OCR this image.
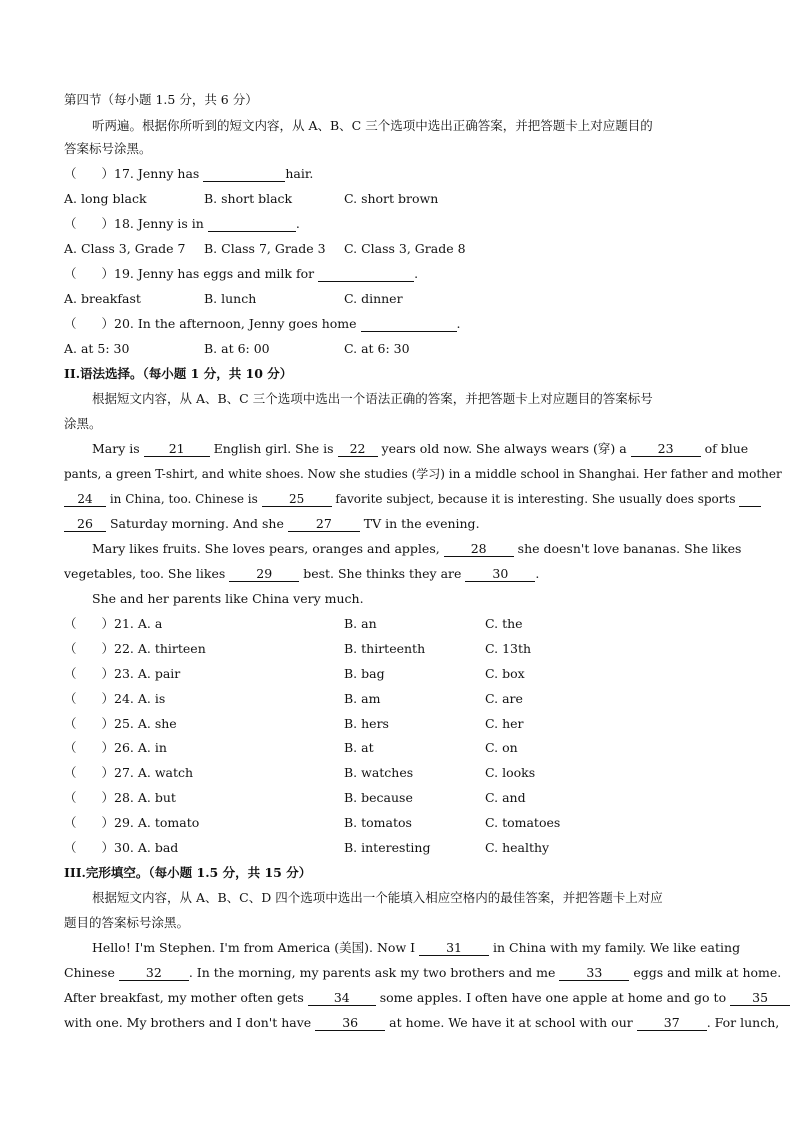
第四节（每小题 1.5 分，共 6 分）
听两遍。根据你所听到的短文内容，从 A、B、C 三个选项中选出正确答案，并把答题卡上对应题目的
答案标号涂黑。
（　　）17. Jenny has	hair.
A. long black	B. short black	C. short brown
（　　）18. Jenny is in	.
A. Class 3, Grade 7 B. Class 7, Grade 3 C. Class 3, Grade 8
（　　）19. Jenny has eggs and milk for	.
A. breakfast	B. lunch	C. dinner
（　　）20. In the afternoon, Jenny goes home	.
A. at 5: 30	B. at 6: 00	C. at 6: 30
II.语法选择。（每小题 1 分，共 10 分）
根据短文内容，从 A、B、C 三个选项中选出一个语法正确的答案，并把答题卡上对应题目的答案标号
涂黑。
Mary is 21 English girl. She is 22 years old now. She always wears (穿) a 23 of blue
pants, a green T-shirt, and white shoes. Now she studies (学习) in a middle school in Shanghai. Her father and mother
24 in China, too. Chinese is 25 favorite subject, because it is interesting. She usually does sports
26 Saturday morning. And she 27 TV in the evening.
Mary likes fruits. She loves pears, oranges and apples, 28 she doesn't love bananas. She likes
vegetables, too. She likes 29 best. She thinks they are 30 .
She and her parents like China very much.
（　　）21. A. a	B. an	C. the
（　　）22. A. thirteen	B. thirteenth	C. 13th
（　　）23. A. pair	B. bag	C. box
（　　）24. A. is	B. am	C. are
（　　）25. A. she	B. hers	C. her
（　　）26. A. in	B. at	C. on
（　　）27. A. watch	B. watches	C. looks
（　　）28. A. but	B. because	C. and
（　　）29. A. tomato	B. tomatos	C. tomatoes
（　　）30. A. bad	B. interesting	C. healthy
III.完形填空。（每小题 1.5 分，共 15 分）
根据短文内容，从 A、B、C、D 四个选项中选出一个能填入相应空格内的最佳答案，并把答题卡上对应
题目的答案标号涂黑。
Hello! I'm Stephen. I'm from America (美国). Now I 31 in China with my family. We like eating
Chinese 32 . In the morning, my parents ask my two brothers and me 33 eggs and milk at home.
After breakfast, my mother often gets 34 some apples. I often have one apple at home and go to 35
with one. My brothers and I don't have 36 at home. We have it at school with our 37 . For lunch,
